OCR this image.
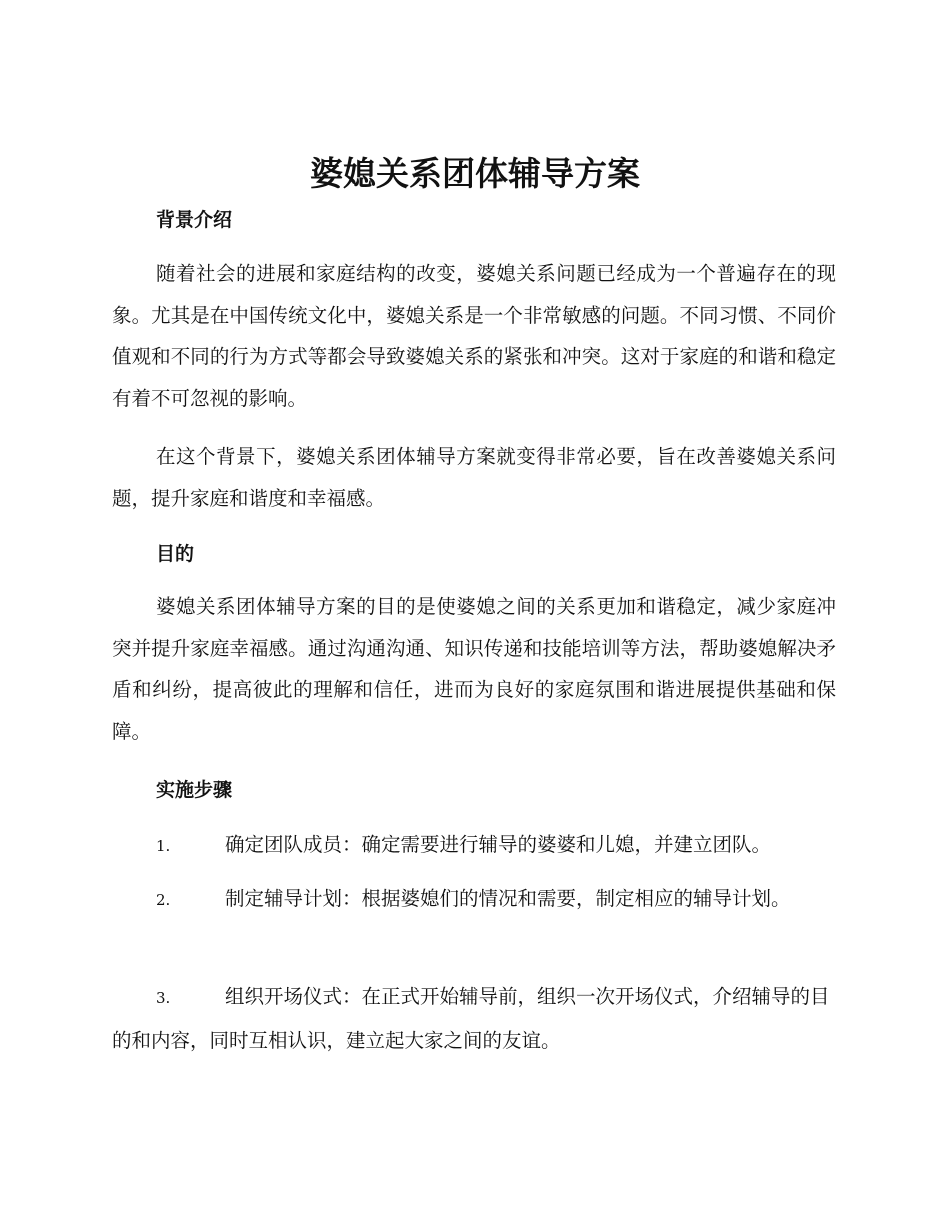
婆媳关系团体辅导方案
背景介绍

随着社会的进展和家庭结构的改变，婆媳关系问题已经成为一个普遍存在的现象。尤其是在中国传统文化中，婆媳关系是一个非常敏感的问题。不同习惯、不同价值观和不同的行为方式等都会导致婆媳关系的紧张和冲突。这对于家庭的和谐和稳定有着不可忽视的影响。

在这个背景下，婆媳关系团体辅导方案就变得非常必要，旨在改善婆媳关系问题，提升家庭和谐度和幸福感。

目的

婆媳关系团体辅导方案的目的是使婆媳之间的关系更加和谐稳定，减少家庭冲突并提升家庭幸福感。通过沟通沟通、知识传递和技能培训等方法，帮助婆媳解决矛盾和纠纷，提高彼此的理解和信任，进而为良好的家庭氛围和谐进展提供基础和保障。

实施步骤

1.	确定团队成员：确定需要进行辅导的婆婆和儿媳，并建立团队。

2.	制定辅导计划：根据婆媳们的情况和需要，制定相应的辅导计划。

3.	组织开场仪式：在正式开始辅导前，组织一次开场仪式，介绍辅导的目的和内容，同时互相认识，建立起大家之间的友谊。
